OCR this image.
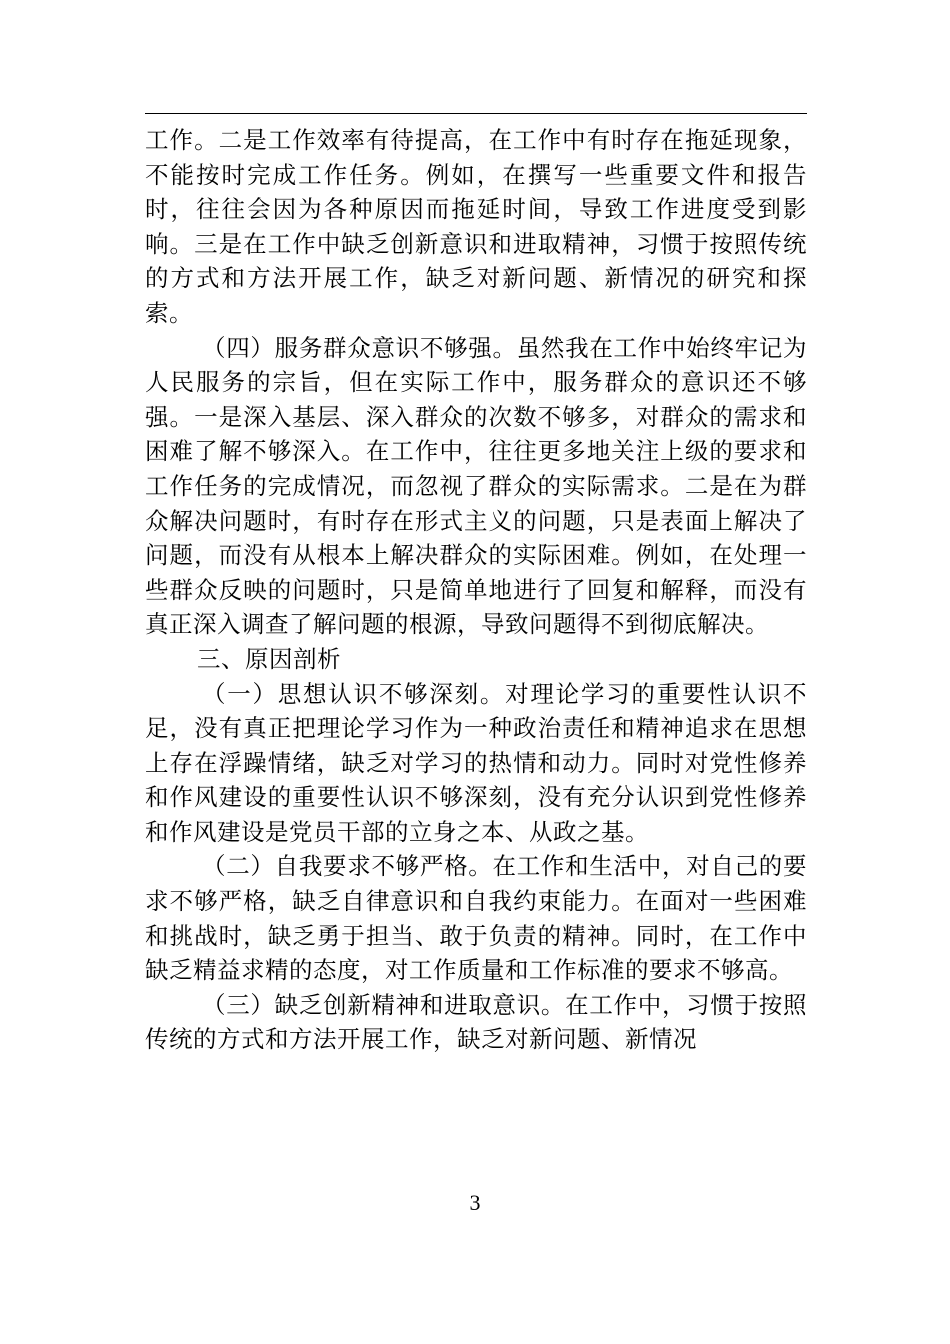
工作。二是工作效率有待提高，在工作中有时存在拖延现象，不能按时完成工作任务。例如，在撰写一些重要文件和报告时，往往会因为各种原因而拖延时间，导致工作进度受到影响。三是在工作中缺乏创新意识和进取精神，习惯于按照传统的方式和方法开展工作，缺乏对新问题、新情况的研究和探索。

（四）服务群众意识不够强。虽然我在工作中始终牢记为人民服务的宗旨，但在实际工作中，服务群众的意识还不够强。一是深入基层、深入群众的次数不够多，对群众的需求和困难了解不够深入。在工作中，往往更多地关注上级的要求和工作任务的完成情况，而忽视了群众的实际需求。二是在为群众解决问题时，有时存在形式主义的问题，只是表面上解决了问题，而没有从根本上解决群众的实际困难。例如，在处理一些群众反映的问题时，只是简单地进行了回复和解释，而没有真正深入调查了解问题的根源，导致问题得不到彻底解决。

三、原因剖析

（一）思想认识不够深刻。对理论学习的重要性认识不足，没有真正把理论学习作为一种政治责任和精神追求在思想上存在浮躁情绪，缺乏对学习的热情和动力。同时对党性修养和作风建设的重要性认识不够深刻，没有充分认识到党性修养和作风建设是党员干部的立身之本、从政之基。

（二）自我要求不够严格。在工作和生活中，对自己的要求不够严格，缺乏自律意识和自我约束能力。在面对一些困难和挑战时，缺乏勇于担当、敢于负责的精神。同时，在工作中缺乏精益求精的态度，对工作质量和工作标准的要求不够高。

（三）缺乏创新精神和进取意识。在工作中，习惯于按照传统的方式和方法开展工作，缺乏对新问题、新情况

3
